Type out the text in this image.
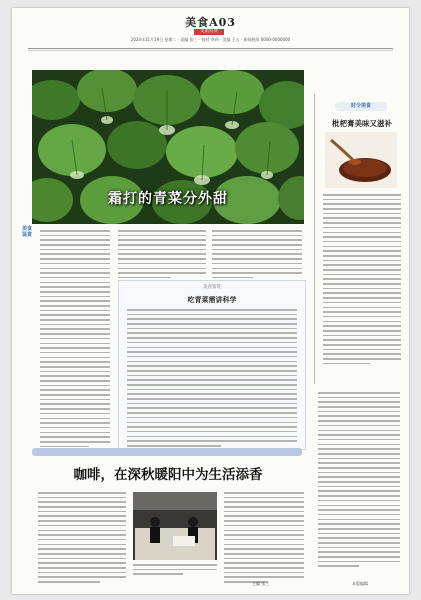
美食A03
文旅消费
2024年11月19日 星期二 · 责编 张三 · 校对 李四 · 美编 王五 · 新闻热线 0000-0000000
霜打的青菜分外甜
时令美食
枇杷膏美味又滋补
美食鉴赏
美食鉴赏
吃青菜需讲科学
咖啡，在深秋暖阳中为生活添香
主编 张三	本版编辑
